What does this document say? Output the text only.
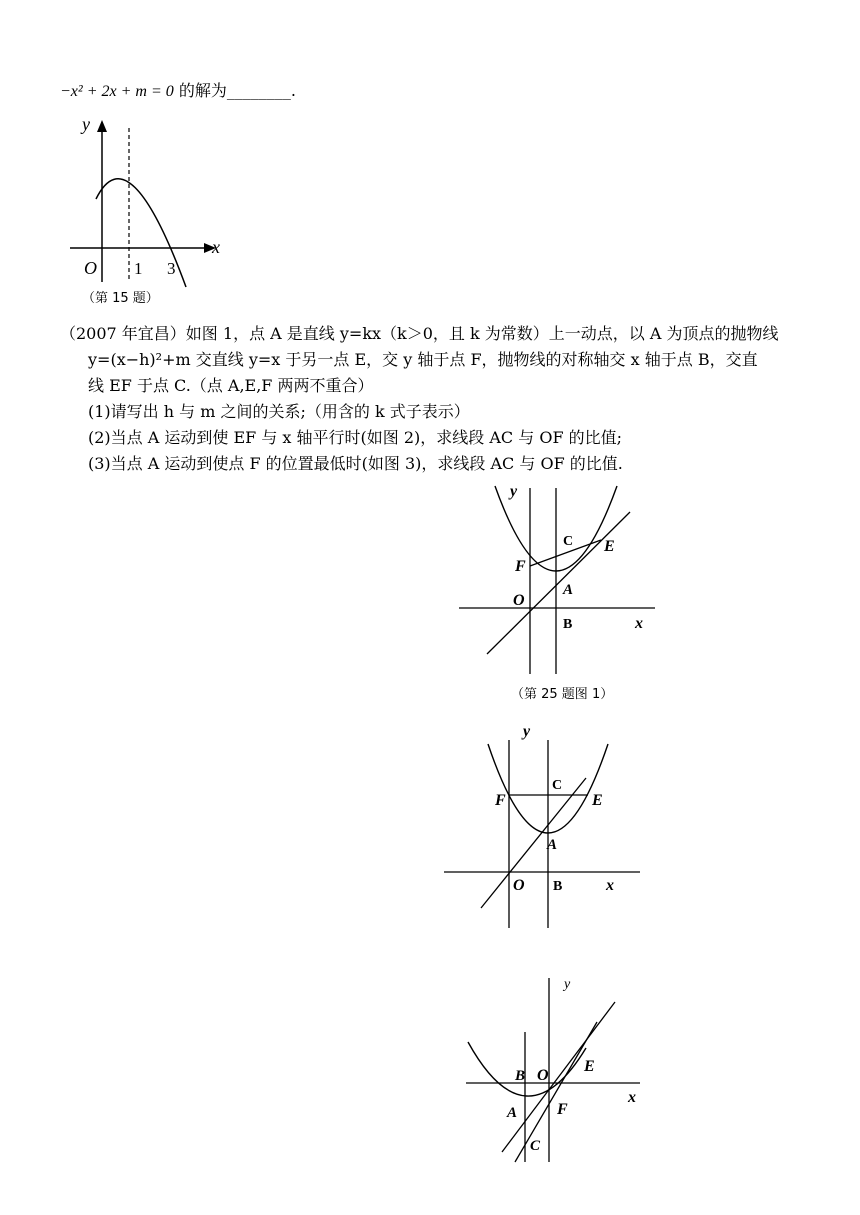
−x² + 2x + m = 0 的解为________.
y
x
O 1 3
（第 15 题）
（2007 年宜昌）如图 1，点 A 是直线 y=kx（k＞0，且 k 为常数）上一动点，以 A 为顶点的抛物线
y=(x−h)²+m 交直线 y=x 于另一点 E，交 y 轴于点 F，抛物线的对称轴交 x 轴于点 B，交直
线 EF 于点 C.（点 A,E,F 两两不重合）
(1)请写出 h 与 m 之间的关系;（用含的 k 式子表示）
(2)当点 A 运动到使 EF 与 x 轴平行时(如图 2)，求线段 AC 与 OF 的比值;
(3)当点 A 运动到使点 F 的位置最低时(如图 3)，求线段 AC 与 OF 的比值.
y
x
O
A
B
C E
F
（第 25 题图 1）
y
x
O
A
B
C
E
F
y
x
O
A
B
C
E
F
